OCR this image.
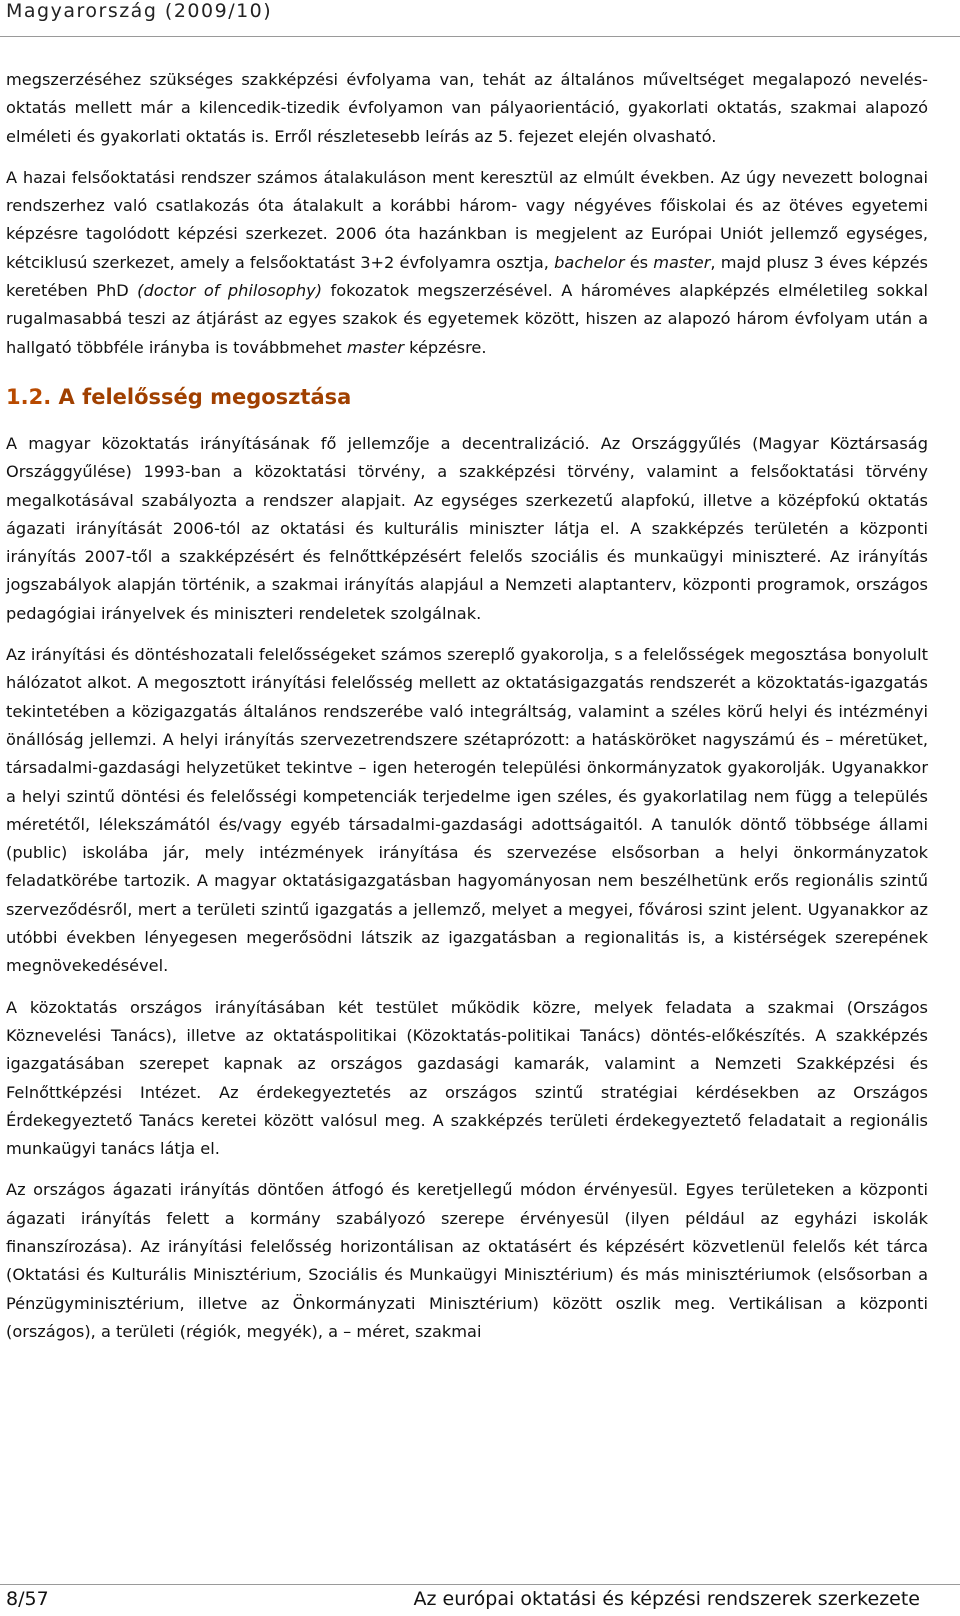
Magyarország (2009/10)

megszerzéséhez szükséges szakképzési évfolyama van, tehát az általános műveltséget megalapozó nevelés-oktatás mellett már a kilencedik-tizedik évfolyamon van pályaorientáció, gyakorlati oktatás, szakmai alapozó elméleti és gyakorlati oktatás is. Erről részletesebb leírás az 5. fejezet elején olvasható.

A hazai felsőoktatási rendszer számos átalakuláson ment keresztül az elmúlt években. Az úgy nevezett bolognai rendszerhez való csatlakozás óta átalakult a korábbi három- vagy négyéves főiskolai és az ötéves egyetemi képzésre tagolódott képzési szerkezet. 2006 óta hazánkban is megjelent az Európai Uniót jellemző egységes, kétciklusú szerkezet, amely a felsőoktatást 3+2 évfolyamra osztja, bachelor és master, majd plusz 3 éves képzés keretében PhD (doctor of philosophy) fokozatok megszerzésével. A hároméves alapképzés elméletileg sokkal rugalmasabbá teszi az átjárást az egyes szakok és egyetemek között, hiszen az alapozó három évfolyam után a hallgató többféle irányba is továbbmehet master képzésre.

1.2. A felelősség megosztása

A magyar közoktatás irányításának fő jellemzője a decentralizáció. Az Országgyűlés (Magyar Köztársaság Országgyűlése) 1993-ban a közoktatási törvény, a szakképzési törvény, valamint a felsőoktatási törvény megalkotásával szabályozta a rendszer alapjait. Az egységes szerkezetű alapfokú, illetve a középfokú oktatás ágazati irányítását 2006-tól az oktatási és kulturális miniszter látja el. A szakképzés területén a központi irányítás 2007-től a szakképzésért és felnőttképzésért felelős szociális és munkaügyi miniszteré. Az irányítás jogszabályok alapján történik, a szakmai irányítás alapjául a Nemzeti alaptanterv, központi programok, országos pedagógiai irányelvek és miniszteri rendeletek szolgálnak.

Az irányítási és döntéshozatali felelősségeket számos szereplő gyakorolja, s a felelősségek megosztása bonyolult hálózatot alkot. A megosztott irányítási felelősség mellett az oktatásigazgatás rendszerét a közoktatás-igazgatás tekintetében a közigazgatás általános rendszerébe való integráltság, valamint a széles körű helyi és intézményi önállóság jellemzi. A helyi irányítás szervezetrendszere szétaprózott: a hatásköröket nagyszámú és – méretüket, társadalmi-gazdasági helyzetüket tekintve – igen heterogén települési önkormányzatok gyakorolják. Ugyanakkor a helyi szintű döntési és felelősségi kompetenciák terjedelme igen széles, és gyakorlatilag nem függ a település méretétől, lélekszámától és/vagy egyéb társadalmi-gazdasági adottságaitól. A tanulók döntő többsége állami (public) iskolába jár, mely intézmények irányítása és szervezése elsősorban a helyi önkormányzatok feladatkörébe tartozik. A magyar oktatásigazgatásban hagyományosan nem beszélhetünk erős regionális szintű szerveződésről, mert a területi szintű igazgatás a jellemző, melyet a megyei, fővárosi szint jelent. Ugyanakkor az utóbbi években lényegesen megerősödni látszik az igazgatásban a regionalitás is, a kistérségek szerepének megnövekedésével.

A közoktatás országos irányításában két testület működik közre, melyek feladata a szakmai (Országos Köznevelési Tanács), illetve az oktatáspolitikai (Közoktatás-politikai Tanács) döntés-előkészítés. A szakképzés igazgatásában szerepet kapnak az országos gazdasági kamarák, valamint a Nemzeti Szakképzési és Felnőttképzési Intézet. Az érdekegyeztetés az országos szintű stratégiai kérdésekben az Országos Érdekegyeztető Tanács keretei között valósul meg. A szakképzés területi érdekegyeztető feladatait a regionális munkaügyi tanács látja el.

Az országos ágazati irányítás döntően átfogó és keretjellegű módon érvényesül. Egyes területeken a központi ágazati irányítás felett a kormány szabályozó szerepe érvényesül (ilyen például az egyházi iskolák finanszírozása). Az irányítási felelősség horizontálisan az oktatásért és képzésért közvetlenül felelős két tárca (Oktatási és Kulturális Minisztérium, Szociális és Munkaügyi Minisztérium) és más minisztériumok (elsősorban a Pénzügyminisztérium, illetve az Önkormányzati Minisztérium) között oszlik meg. Vertikálisan a központi (országos), a területi (régiók, megyék), a – méret, szakmai

8/57	Az európai oktatási és képzési rendszerek szerkezete
